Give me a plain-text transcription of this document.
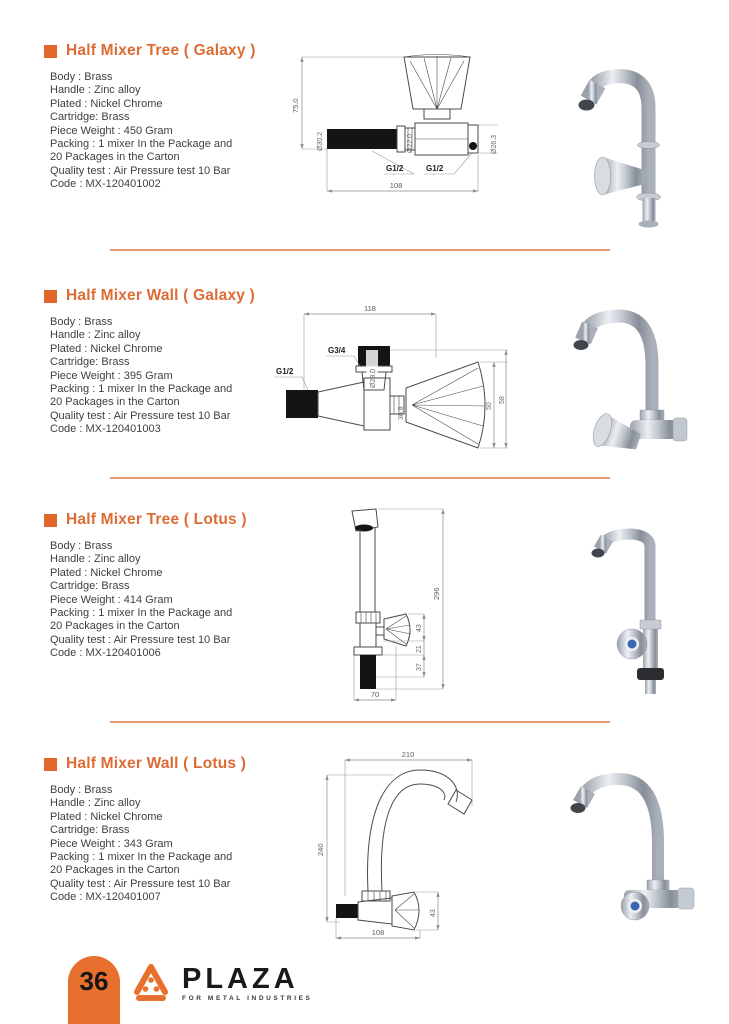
Half Mixer Tree ( Galaxy )
Body : Brass
Handle : Zinc alloy
Plated : Nickel Chrome
Cartridge: Brass
Piece Weight : 450 Gram
Packing : 1 mixer In the Package and
20 Packages in the Carton
Quality test : Air Pressure test 10 Bar
Code : MX-120401002
75.0
Ø30.2	Ø22.0	Ø26.3
G1/2	G1/2
108
Half Mixer Wall ( Galaxy )
Body : Brass
Handle : Zinc alloy
Plated : Nickel Chrome
Cartridge: Brass
Piece Weight : 395 Gram
Packing : 1 mixer In the Package and
20 Packages in the Carton
Quality test : Air Pressure test 10 Bar
Code : MX-120401003
118
Ø28.0
G3/4
G1/2
36.8
50
58
Half Mixer Tree ( Lotus )
Body : Brass
Handle : Zinc alloy
Plated : Nickel Chrome
Cartridge: Brass
Piece Weight : 414 Gram
Packing : 1 mixer In the Package and
20 Packages in the Carton
Quality test : Air Pressure test 10 Bar
Code : MX-120401006
296
43
21
37
70
Half Mixer Wall ( Lotus )
Body : Brass
Handle : Zinc alloy
Plated : Nickel Chrome
Cartridge: Brass
Piece Weight : 343 Gram
Packing : 1 mixer In the Package and
20 Packages in the Carton
Quality test : Air Pressure test 10 Bar
Code : MX-120401007
210
240
43
108
36	PLAZA
FOR METAL INDUSTRIES
